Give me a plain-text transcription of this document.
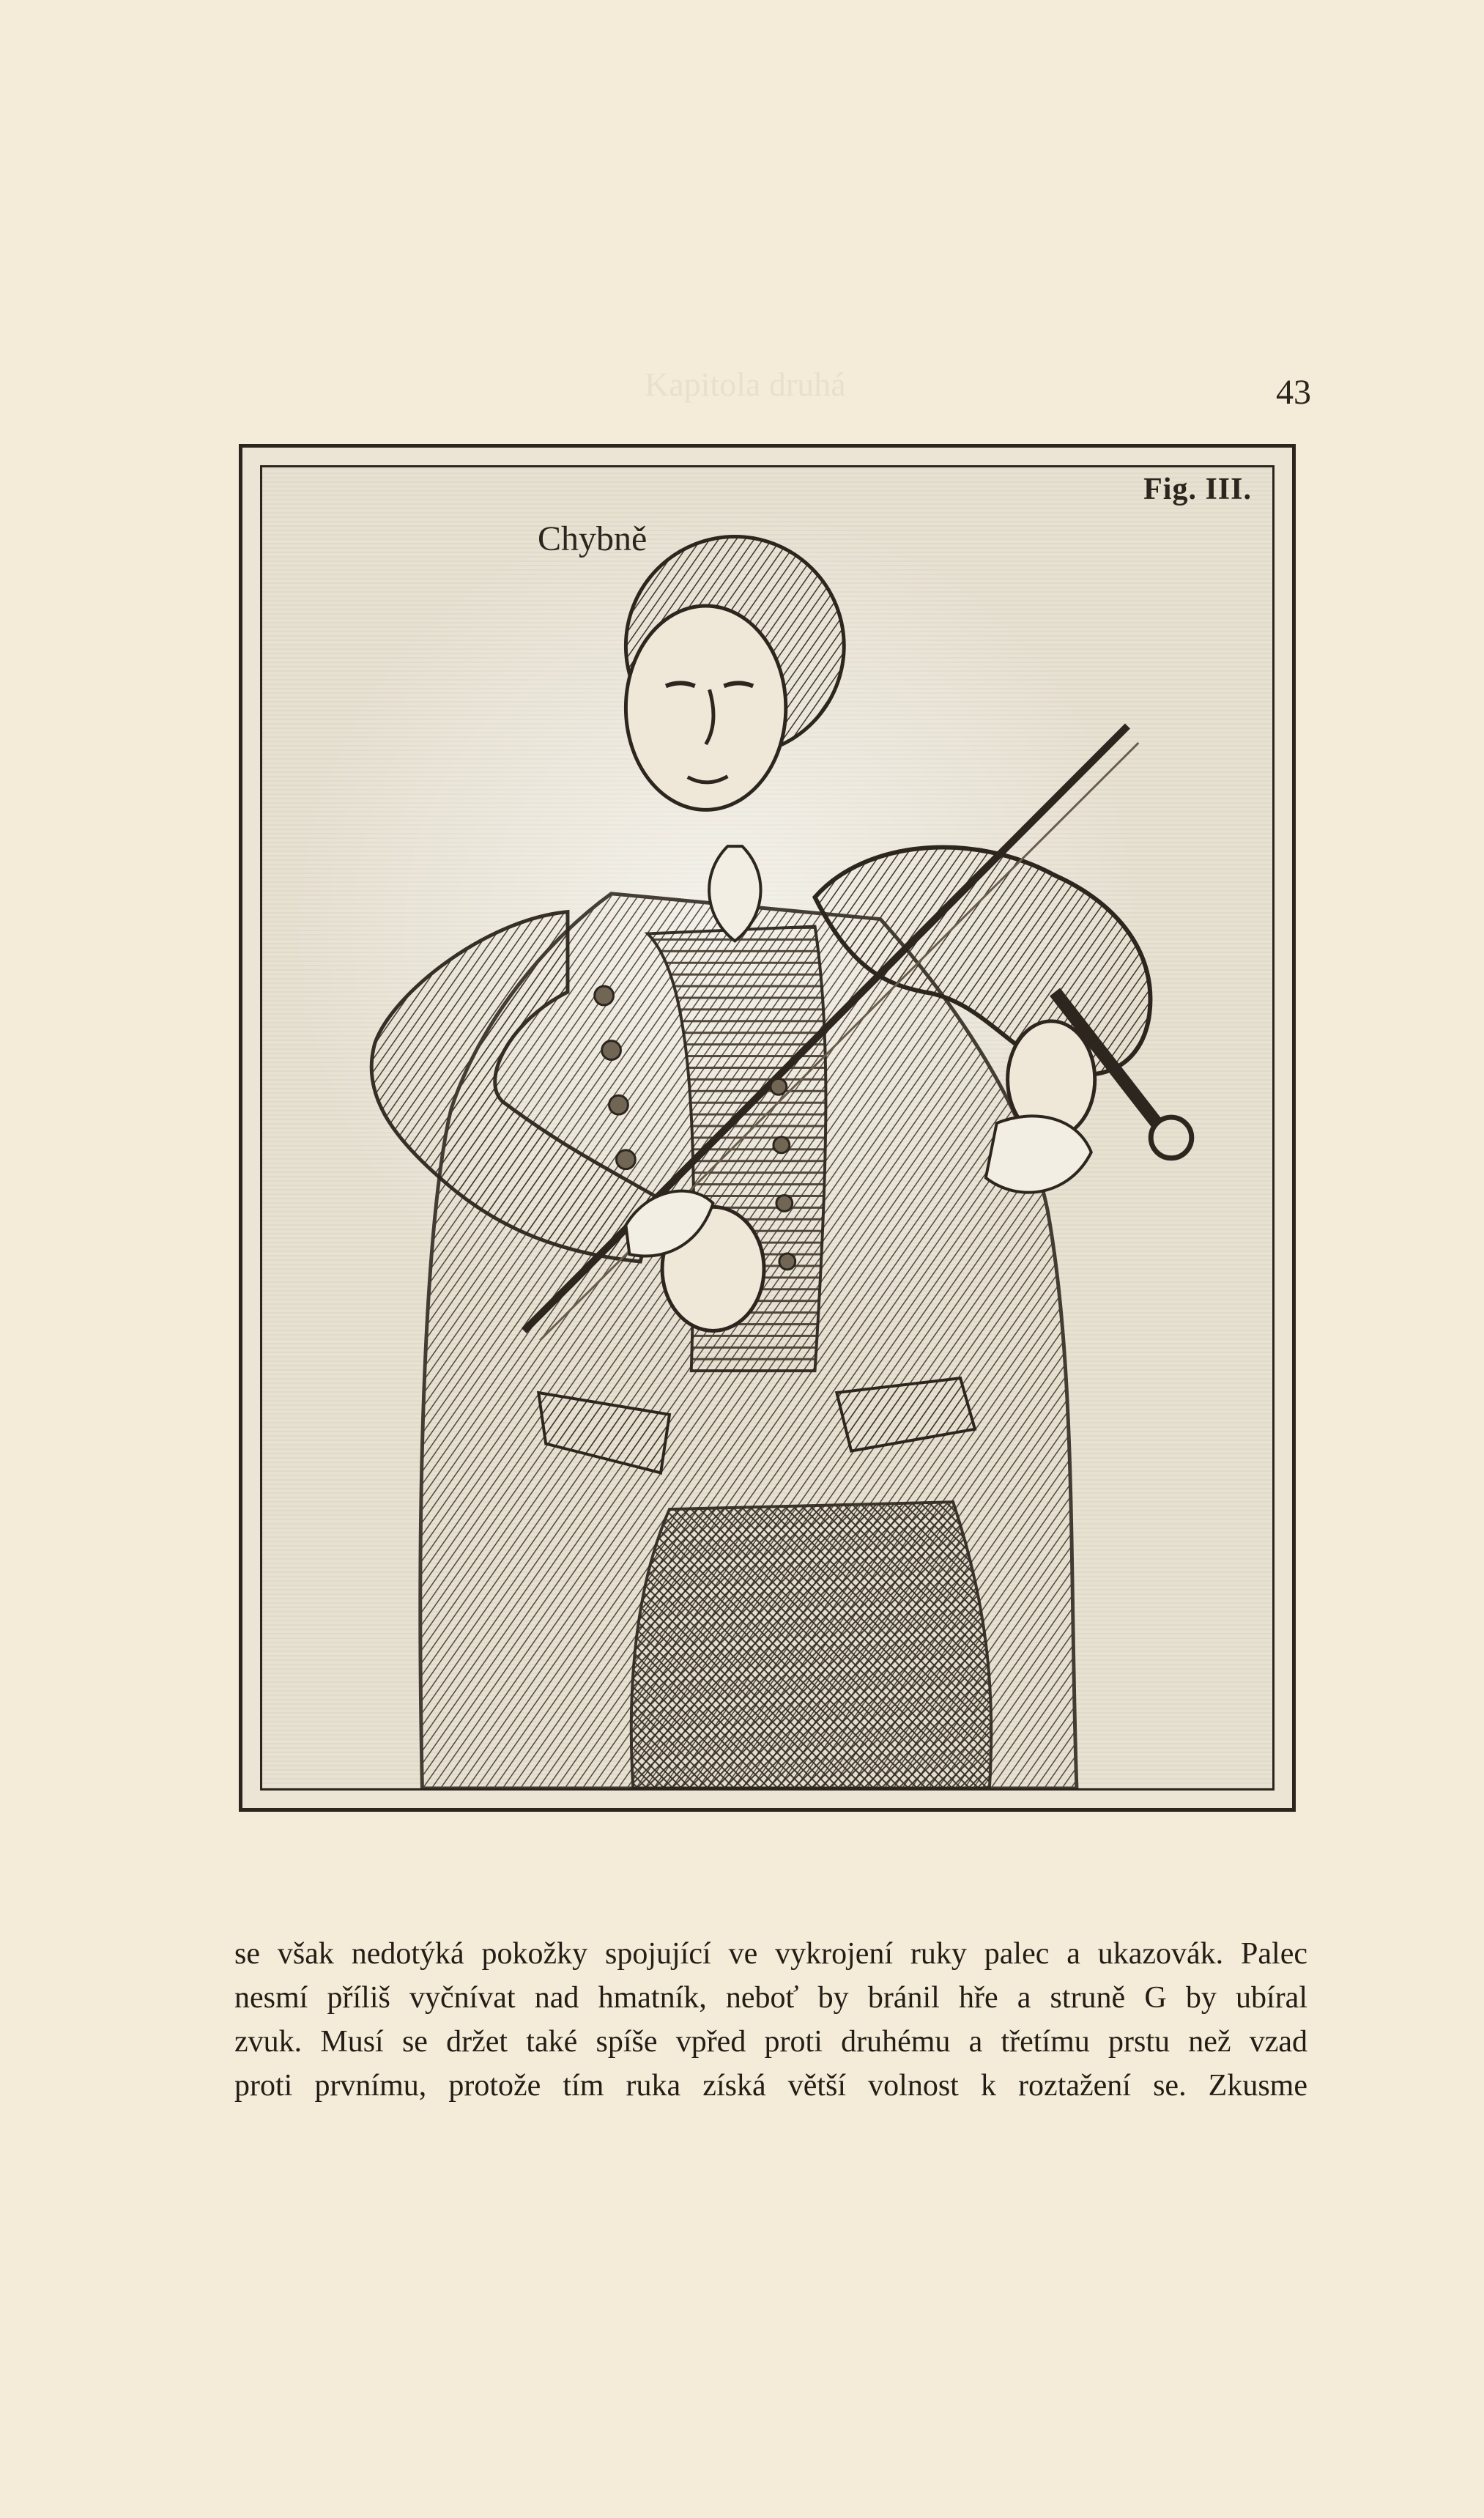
Kapitola druhá	43
Chybně
Fig. III.
se však nedotýká pokožky spojující ve vykrojení ruky palec a ukazovák. Palec
nesmí příliš vyčnívat nad hmatník, neboť by bránil hře a struně G by ubíral
zvuk. Musí se držet také spíše vpřed proti druhému a třetímu prstu než vzad
proti prvnímu, protože tím ruka získá větší volnost k roztažení se. Zkusme
